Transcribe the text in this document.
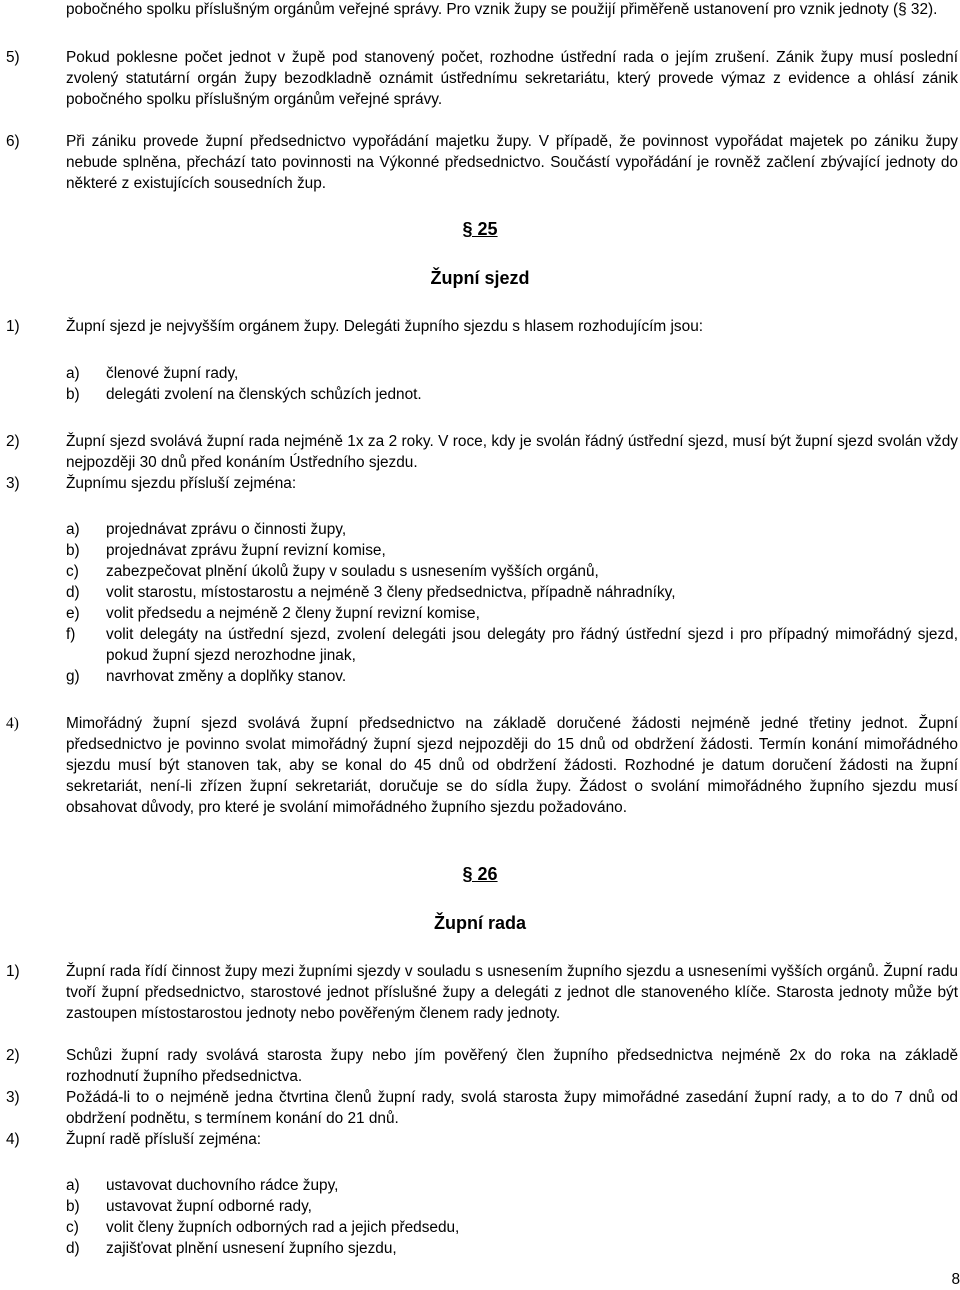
pobočného spolku příslušným orgánům veřejné správy. Pro vznik župy se použijí přiměřeně ustanovení pro vznik jednoty (§ 32).

5)	Pokud poklesne počet jednot v župě pod stanovený počet, rozhodne ústřední rada o jejím zrušení. Zánik župy musí poslední zvolený statutární orgán župy bezodkladně oznámit ústřednímu sekretariátu, který provede výmaz z evidence a ohlásí zánik pobočného spolku příslušným orgánům veřejné správy.

6)	Při zániku provede župní předsednictvo vypořádání majetku župy. V případě, že povinnost vypořádat majetek po zániku župy nebude splněna, přechází tato povinnosti na Výkonné předsednictvo. Součástí vypořádání je rovněž začlení zbývající jednoty do některé z existujících sousedních žup.

§ 25
Župní sjezd
1)	Župní sjezd je nejvyšším orgánem župy. Delegáti župního sjezdu s hlasem rozhodujícím jsou:

a)	členové župní rady,
b)	delegáti zvolení na členských schůzích jednot.
2)	Župní sjezd svolává župní rada nejméně 1x za 2 roky. V roce, kdy je svolán řádný ústřední sjezd, musí být župní sjezd svolán vždy nejpozději 30 dnů před konáním Ústředního sjezdu.

3)	Župnímu sjezdu přísluší zejména:

a)	projednávat zprávu o činnosti župy,
b)	projednávat zprávu župní revizní komise,
c)	zabezpečovat plnění úkolů župy v souladu s usnesením vyšších orgánů,
d)	volit starostu, místostarostu a nejméně 3 členy předsednictva, případně náhradníky,
e)	volit předsedu a nejméně 2 členy župní revizní komise,
f)	volit delegáty na ústřední sjezd, zvolení delegáti jsou delegáty pro řádný ústřední sjezd i pro případný mimořádný sjezd, pokud župní sjezd nerozhodne jinak,
g)	navrhovat změny a doplňky stanov.
4)	Mimořádný župní sjezd svolává župní předsednictvo na základě doručené žádosti nejméně jedné třetiny jednot. Župní předsednictvo je povinno svolat mimořádný župní sjezd nejpozději do 15 dnů od obdržení žádosti. Termín konání mimořádného sjezdu musí být stanoven tak, aby se konal do 45 dnů od obdržení žádosti. Rozhodné je datum doručení žádosti na župní sekretariát, není-li zřízen župní sekretariát, doručuje se do sídla župy. Žádost o svolání mimořádného župního sjezdu musí obsahovat důvody, pro které je svolání mimořádného župního sjezdu požadováno.

§ 26
Župní rada
1)	Župní rada řídí činnost župy mezi župními sjezdy v souladu s usnesením župního sjezdu a usneseními vyšších orgánů. Župní radu tvoří župní předsednictvo, starostové jednot příslušné župy a delegáti z jednot dle stanoveného klíče. Starosta jednoty může být zastoupen místostarostou jednoty nebo pověřeným členem rady jednoty.

2)	Schůzi župní rady svolává starosta župy nebo jím pověřený člen župního předsednictva nejméně 2x do roka na základě rozhodnutí župního předsednictva.

3)	Požádá-li to o nejméně jedna čtvrtina členů župní rady, svolá starosta župy mimořádné zasedání župní rady, a to do 7 dnů od obdržení podnětu, s termínem konání do 21 dnů.

4)	Župní radě přísluší zejména:

a)	ustavovat duchovního rádce župy,
b)	ustavovat župní odborné rady,
c)	volit členy župních odborných rad a jejich předsedu,
d)	zajišťovat plnění usnesení župního sjezdu,
8
